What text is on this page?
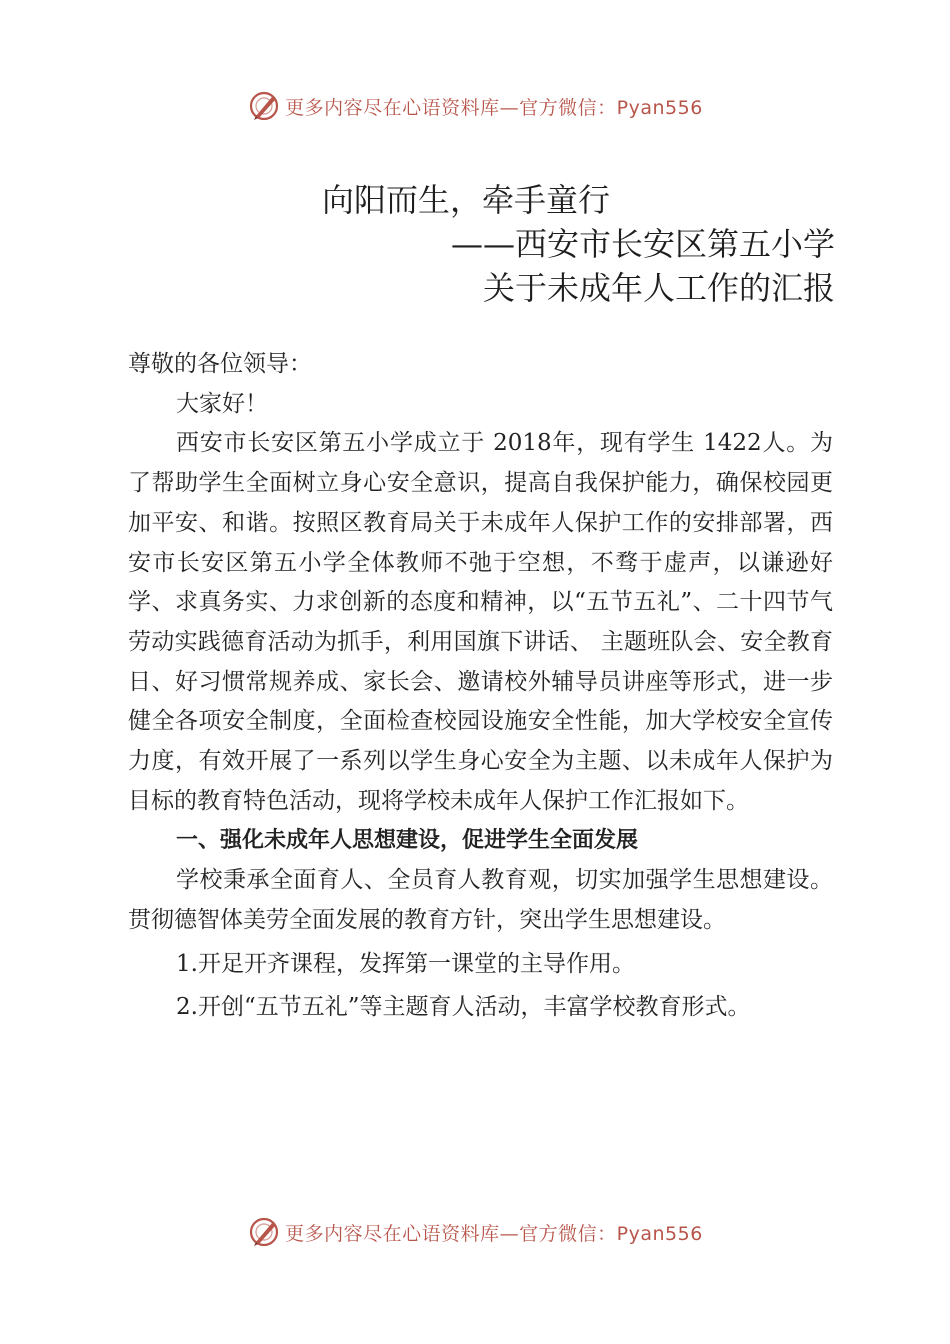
更多内容尽在心语资料库—官方微信：Pyan556
向阳而生，牵手童行
——西安市长安区第五小学
关于未成年人工作的汇报

尊敬的各位领导：

大家好！

西安市长安区第五小学成立于 2018年，现有学生 1422人。为了帮助学生全面树立身心安全意识，提高自我保护能力，确保校园更加平安、和谐。按照区教育局关于未成年人保护工作的安排部署，西安市长安区第五小学全体教师不弛于空想，不骛于虚声，以谦逊好学、求真务实、力求创新的态度和精神，以“五节五礼”、二十四节气劳动实践德育活动为抓手，利用国旗下讲话、 主题班队会、安全教育日、好习惯常规养成、家长会、邀请校外辅导员讲座等形式，进一步健全各项安全制度，全面检查校园设施安全性能，加大学校安全宣传力度，有效开展了一系列以学生身心安全为主题、以未成年人保护为目标的教育特色活动，现将学校未成年人保护工作汇报如下。

一、强化未成年人思想建设，促进学生全面发展

学校秉承全面育人、全员育人教育观，切实加强学生思想建设。贯彻德智体美劳全面发展的教育方针，突出学生思想建设。

1.开足开齐课程，发挥第一课堂的主导作用。

2.开创“五节五礼”等主题育人活动，丰富学校教育形式。

更多内容尽在心语资料库—官方微信：Pyan556
